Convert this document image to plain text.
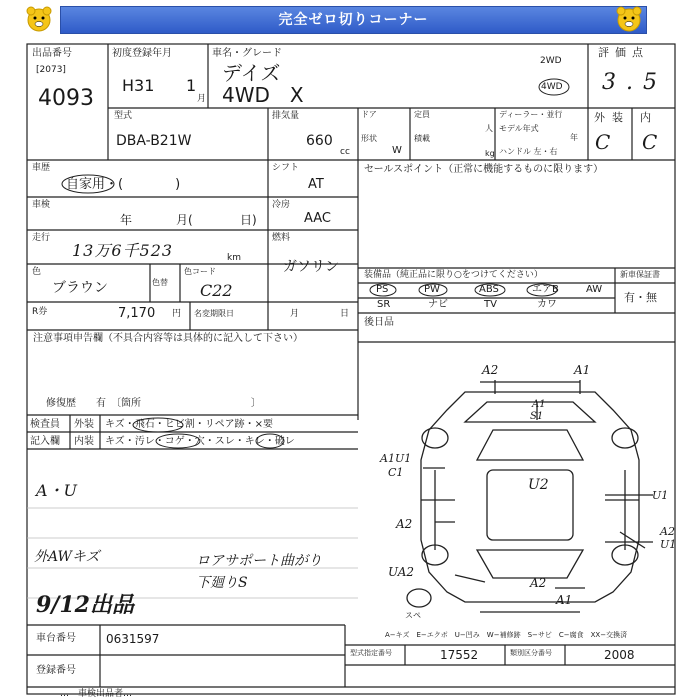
完全ゼロ切りコーナー
出品番号
[2073]
4093
初度登録年月
H31 1
月
車名・グレード
デイズ
4WD　X
2WD
4WD
評価点
3.5
外 装 内
C C
型式
DBA-B21W
排気量
660
cc
ドア
形状
W
定員
人
積載
kg
ディーラー・並行
モデル年式
年
ハンドル 左・右
車歴
自家用・(　　　　)
シフト
AT
車検
年	月(	日)
冷房
AAC
走行
13万6千523	km
燃料
ガソリン
色
ブラウン	色替
色コード
C22
R券	7,170 円 名変期限日	月	日
セールスポイント（正常に機能するものに限ります）
装備品（純正品に限り○をつけてください）
PS	PW	ABS	エアB	AW
SR	ナビ	TV	カワ
新車保証書
有・無
後日品
注意事項申告欄（不具合内容等は具体的に記入して下さい）
修復歴　　有　〔箇所　　　　　　　　　　　〕
検査員
記入欄
外装
内装
キズ・飛石・ヒビ割・リペア跡・×要
キズ・汚レ・コゲ・穴・スレ・キレ・破レ
A・U
外AWキズ	ロアサポート曲がり
下廻りS
9/12出品
A2	A1
A1
S1
A1U1
C1
U2
U1
A2
A2
U1
UA2
A2
A1
スペ
A−キズ　E−エクボ　U−凹み　W−補修跡　S−サビ　C−腐食　XX−交換済
車台番号	0631597
登録番号
型式指定番号	17552	類別区分番号	2008
…　車検出品者…
